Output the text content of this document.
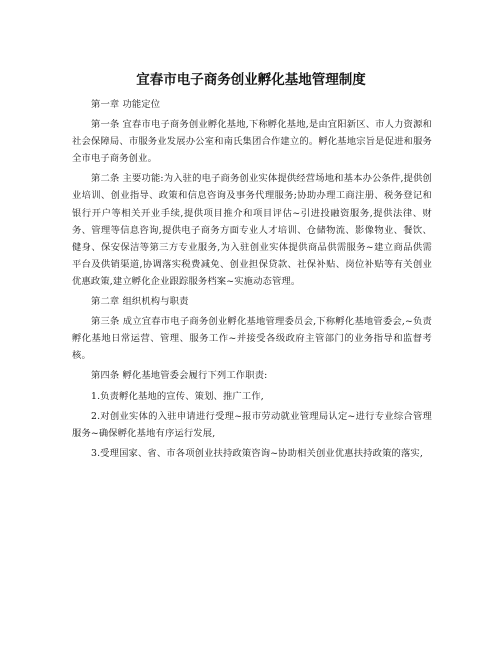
宜春市电子商务创业孵化基地管理制度

第一章 功能定位

第一条 宜春市电子商务创业孵化基地,下称孵化基地,是由宜阳新区、市人力资源和社会保障局、市服务业发展办公室和南氏集团合作建立的。孵化基地宗旨是促进和服务全市电子商务创业。

第二条 主要功能:为入驻的电子商务创业实体提供经营场地和基本办公条件,提供创业培训、创业指导、政策和信息咨询及事务代理服务;协助办理工商注册、税务登记和银行开户等相关开业手续,提供项目推介和项目评估~引进投融资服务,提供法律、财务、管理等信息咨询,提供电子商务方面专业人才培训、仓储物流、影像物业、餐饮、健身、保安保洁等第三方专业服务,为入驻创业实体提供商品供需服务~建立商品供需平台及供销渠道,协调落实税费减免、创业担保贷款、社保补贴、岗位补贴等有关创业优惠政策,建立孵化企业跟踪服务档案~实施动态管理。

第二章 组织机构与职责

第三条 成立宜春市电子商务创业孵化基地管理委员会,下称孵化基地管委会,~负责孵化基地日常运营、管理、服务工作~并接受各级政府主管部门的业务指导和监督考核。

第四条 孵化基地管委会履行下列工作职责:

1.负责孵化基地的宣传、策划、推广工作,

2.对创业实体的入驻申请进行受理~报市劳动就业管理局认定~进行专业综合管理服务~确保孵化基地有序运行发展,

3.受理国家、省、市各项创业扶持政策咨询~协助相关创业优惠扶持政策的落实,
